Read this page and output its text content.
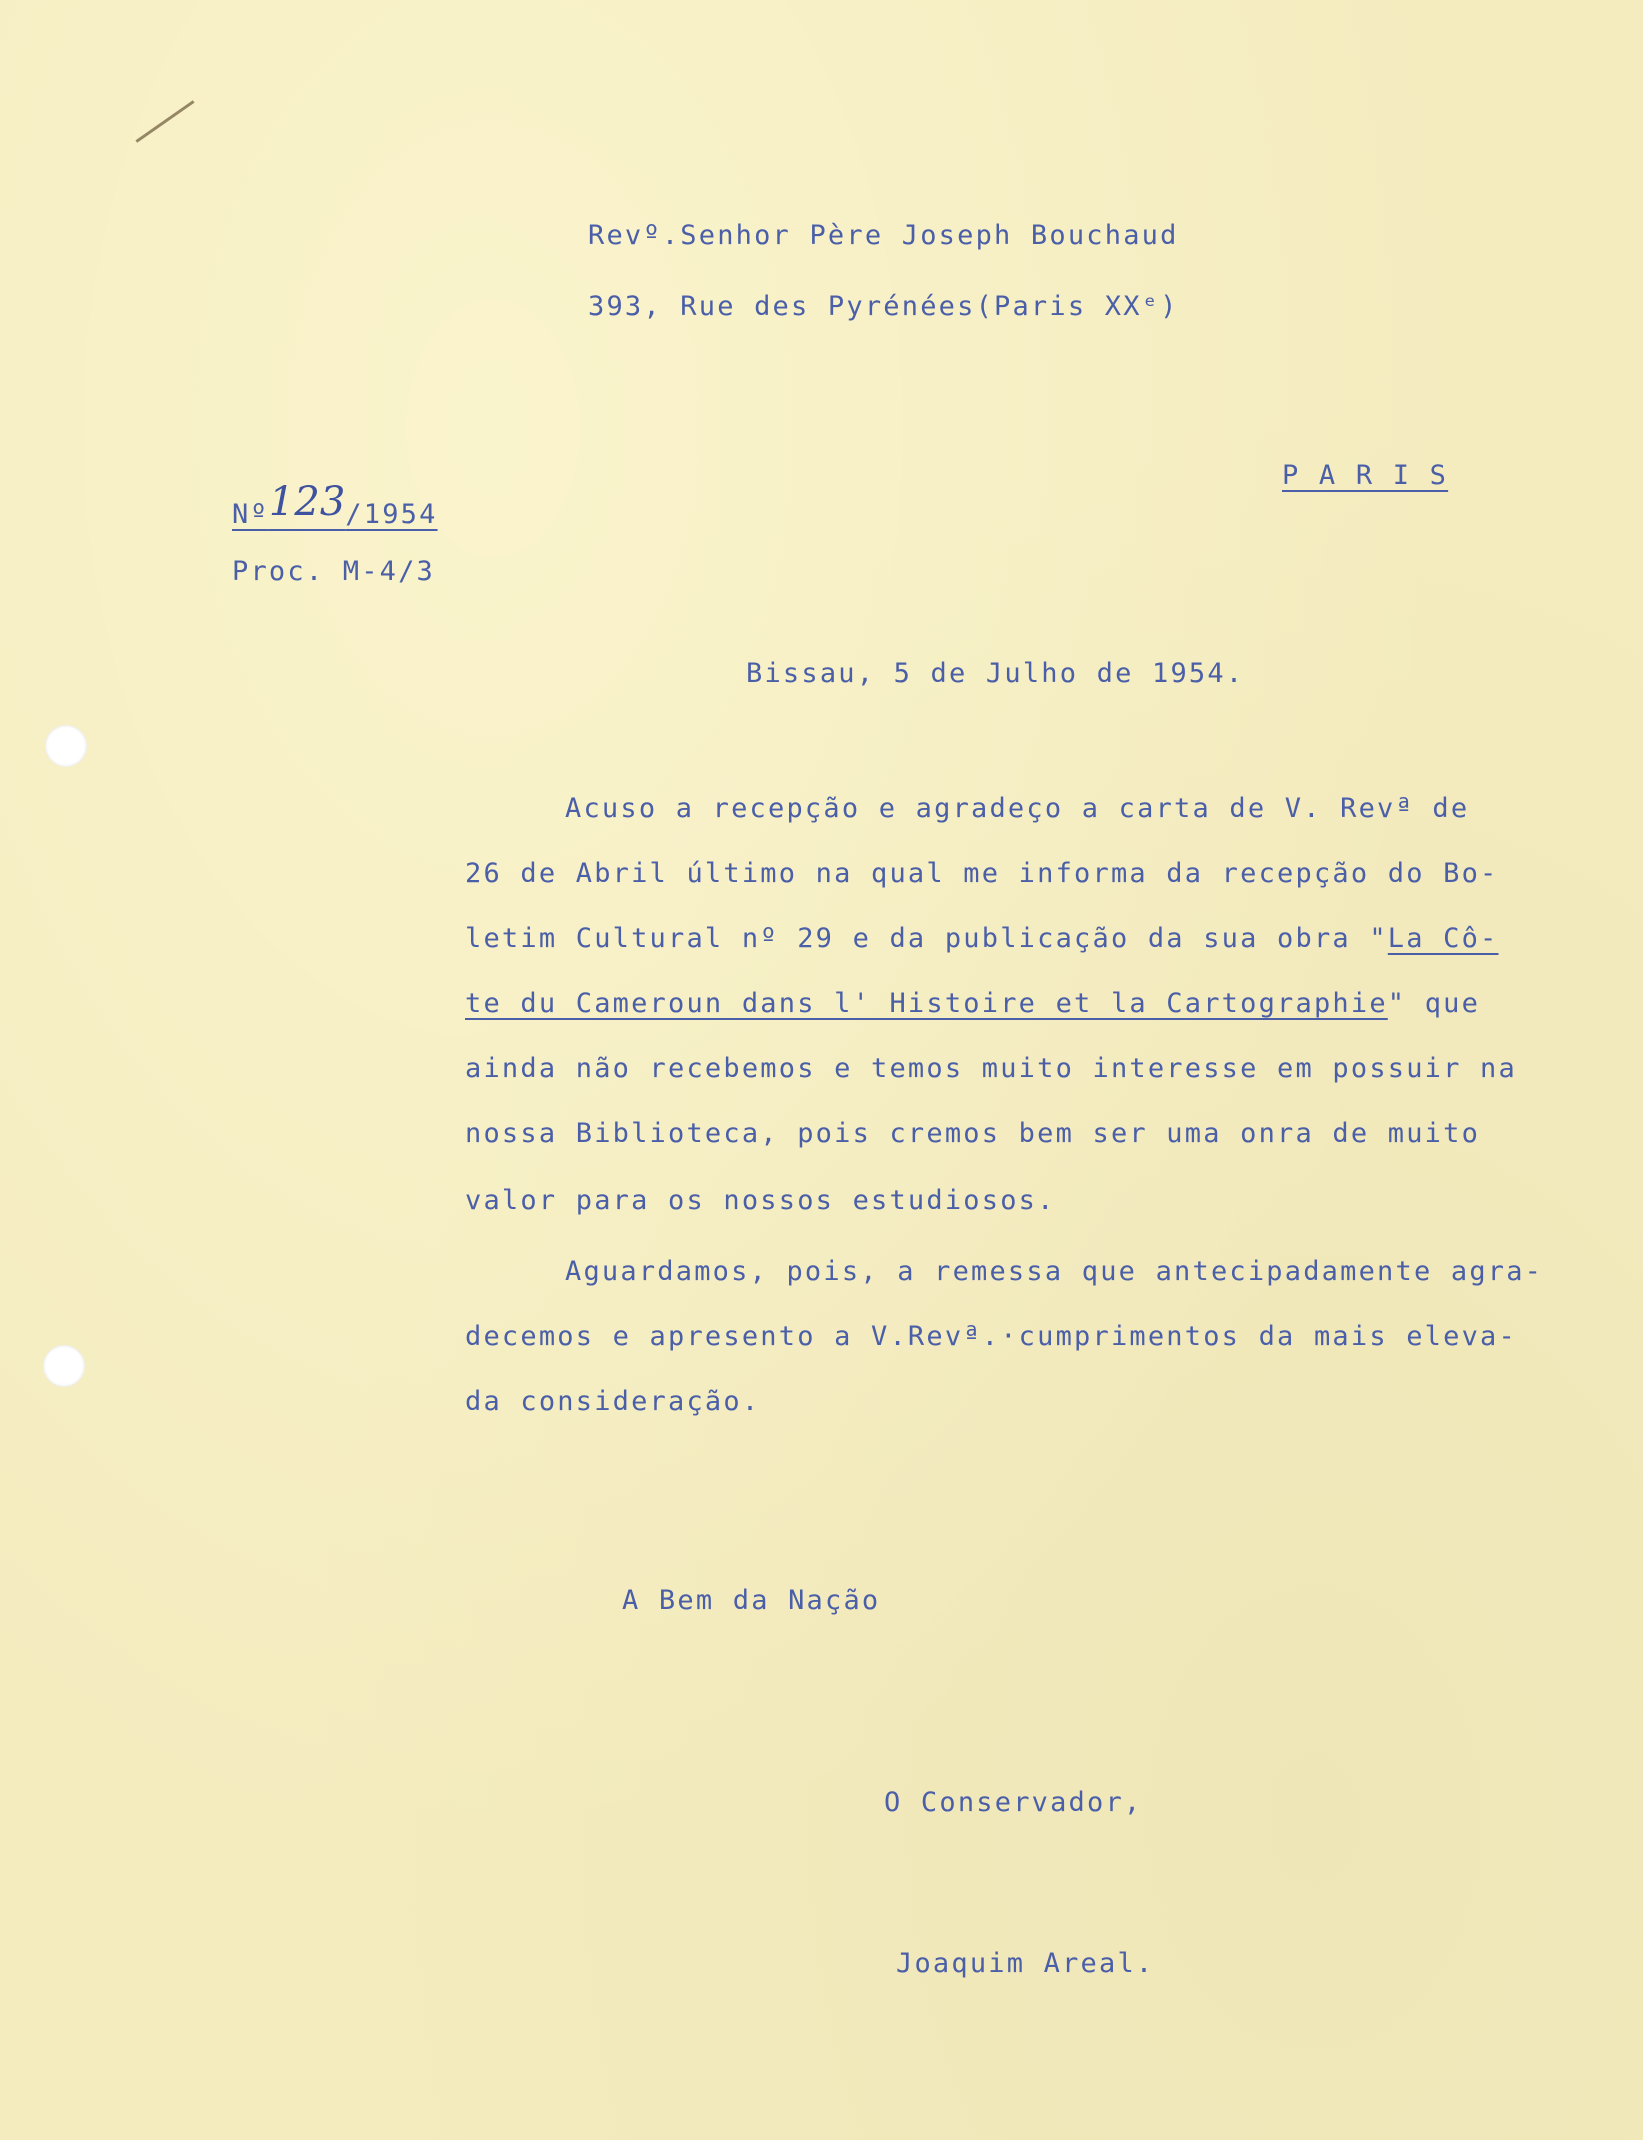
Revº.Senhor Père Joseph Bouchaud
393, Rue des Pyrénées(Paris XXᵉ)
P A R I S
Nº123/1954
Proc. M-4/3
Bissau, 5 de Julho de 1954.
Acuso a recepção e agradeço a carta de V. Revª de
26 de Abril último na qual me informa da recepção do Bo-
letim Cultural nº 29 e da publicação da sua obra "La Cô-
te du Cameroun dans l' Histoire et la Cartographie" que
ainda não recebemos e temos muito interesse em possuir na
nossa Biblioteca, pois cremos bem ser uma onra de muito
valor para os nossos estudiosos.
Aguardamos, pois, a remessa que antecipadamente agra-
decemos e apresento a V.Revª.·cumprimentos da mais eleva-
da consideração.
A Bem da Nação
O Conservador,
Joaquim Areal.
